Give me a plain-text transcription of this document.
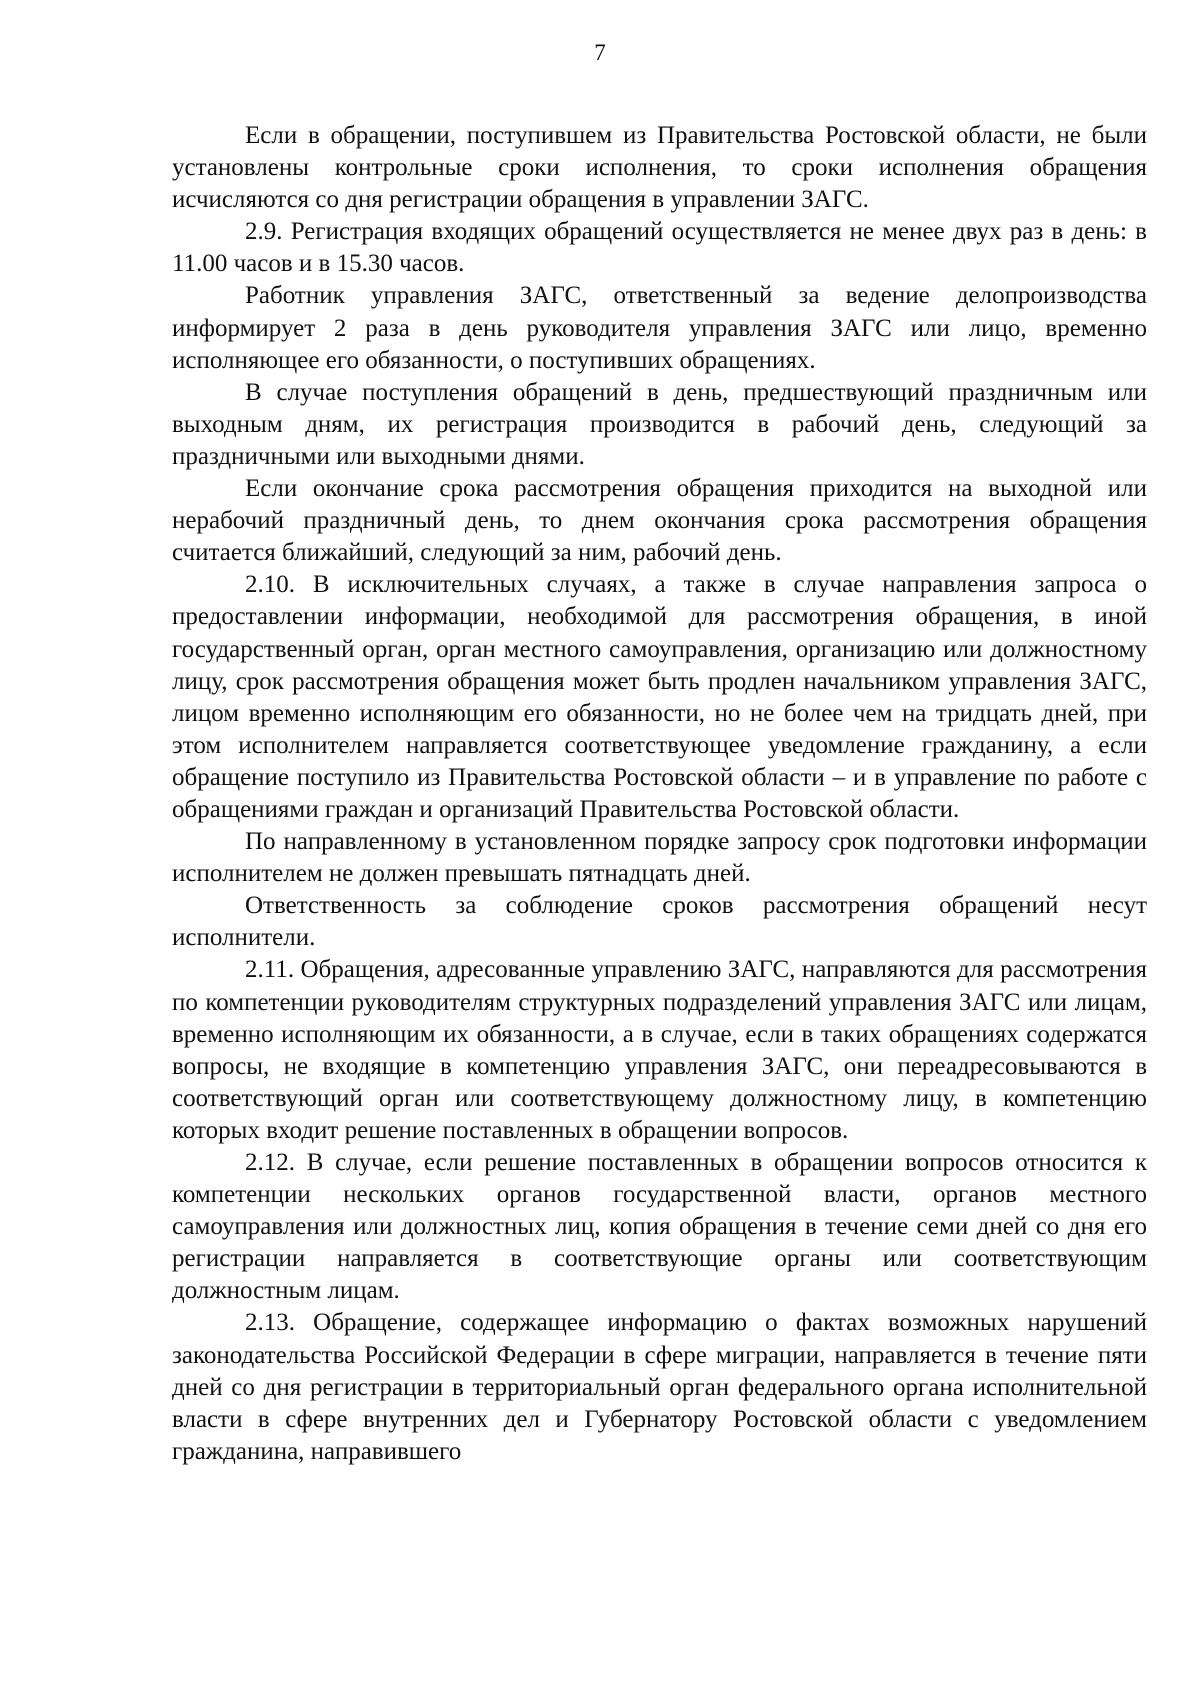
7

Если в обращении, поступившем из Правительства Ростовской области, не были установлены контрольные сроки исполнения, то сроки исполнения обращения исчисляются со дня регистрации обращения в управлении ЗАГС.

2.9. Регистрация входящих обращений осуществляется не менее двух раз в день: в 11.00 часов и в 15.30 часов.

Работник управления ЗАГС, ответственный за ведение делопроизводства информирует 2 раза в день руководителя управления ЗАГС или лицо, временно исполняющее его обязанности, о поступивших обращениях.

В случае поступления обращений в день, предшествующий праздничным или выходным дням, их регистрация производится в рабочий день, следующий за праздничными или выходными днями.

Если окончание срока рассмотрения обращения приходится на выходной или нерабочий праздничный день, то днем окончания срока рассмотрения обращения считается ближайший, следующий за ним, рабочий день.

2.10. В исключительных случаях, а также в случае направления запроса о предоставлении информации, необходимой для рассмотрения обращения, в иной государственный орган, орган местного самоуправления, организацию или должностному лицу, срок рассмотрения обращения может быть продлен начальником управления ЗАГС, лицом временно исполняющим его обязанности, но не более чем на тридцать дней, при этом исполнителем направляется соответствующее уведомление гражданину, а если обращение поступило из Правительства Ростовской области – и в управление по работе с обращениями граждан и организаций Правительства Ростовской области.

По направленному в установленном порядке запросу срок подготовки информации исполнителем не должен превышать пятнадцать дней.

Ответственность за соблюдение сроков рассмотрения обращений несут исполнители.

2.11. Обращения, адресованные управлению ЗАГС, направляются для рассмотрения по компетенции руководителям структурных подразделений управления ЗАГС или лицам, временно исполняющим их обязанности, а в случае, если в таких обращениях содержатся вопросы, не входящие в компетенцию управления ЗАГС, они переадресовываются в соответствующий орган или соответствующему должностному лицу, в компетенцию которых входит решение поставленных в обращении вопросов.

2.12. В случае, если решение поставленных в обращении вопросов относится к компетенции нескольких органов государственной власти, органов местного самоуправления или должностных лиц, копия обращения в течение семи дней со дня его регистрации направляется в соответствующие органы или соответствующим должностным лицам.

2.13. Обращение, содержащее информацию о фактах возможных нарушений законодательства Российской Федерации в сфере миграции, направляется в течение пяти дней со дня регистрации в территориальный орган федерального органа исполнительной власти в сфере внутренних дел и Губернатору Ростовской области с уведомлением гражданина, направившего
